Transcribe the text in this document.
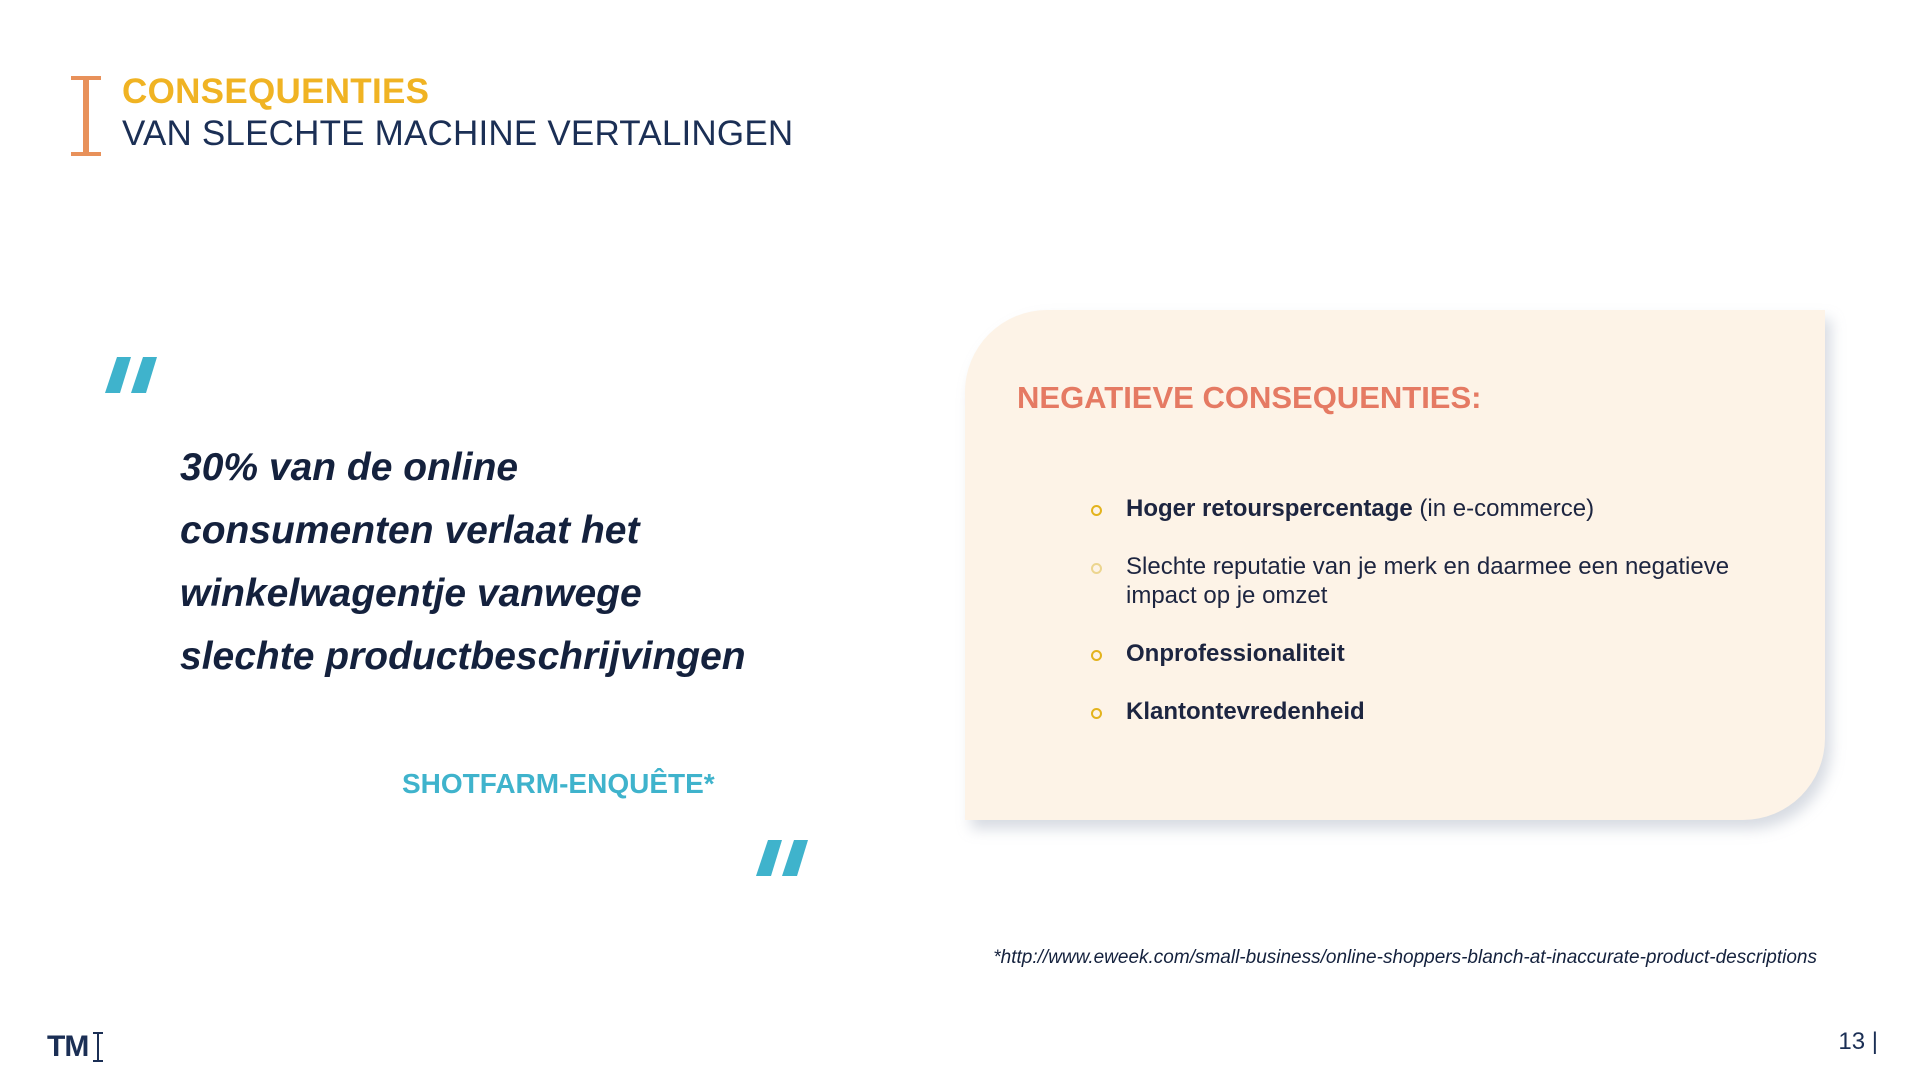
CONSEQUENTIES
VAN SLECHTE MACHINE VERTALINGEN

30% van de online
consumenten verlaat het
winkelwagentje vanwege
slechte productbeschrijvingen

SHOTFARM-ENQUÊTE*
NEGATIEVE CONSEQUENTIES:
Hoger retourspercentage (in e-commerce)
Slechte reputatie van je merk en daarmee een negatieve impact op je omzet
Onprofessionaliteit
Klantontevredenheid
*http://www.eweek.com/small-business/online-shoppers-blanch-at-inaccurate-product-descriptions
TM	13 |
